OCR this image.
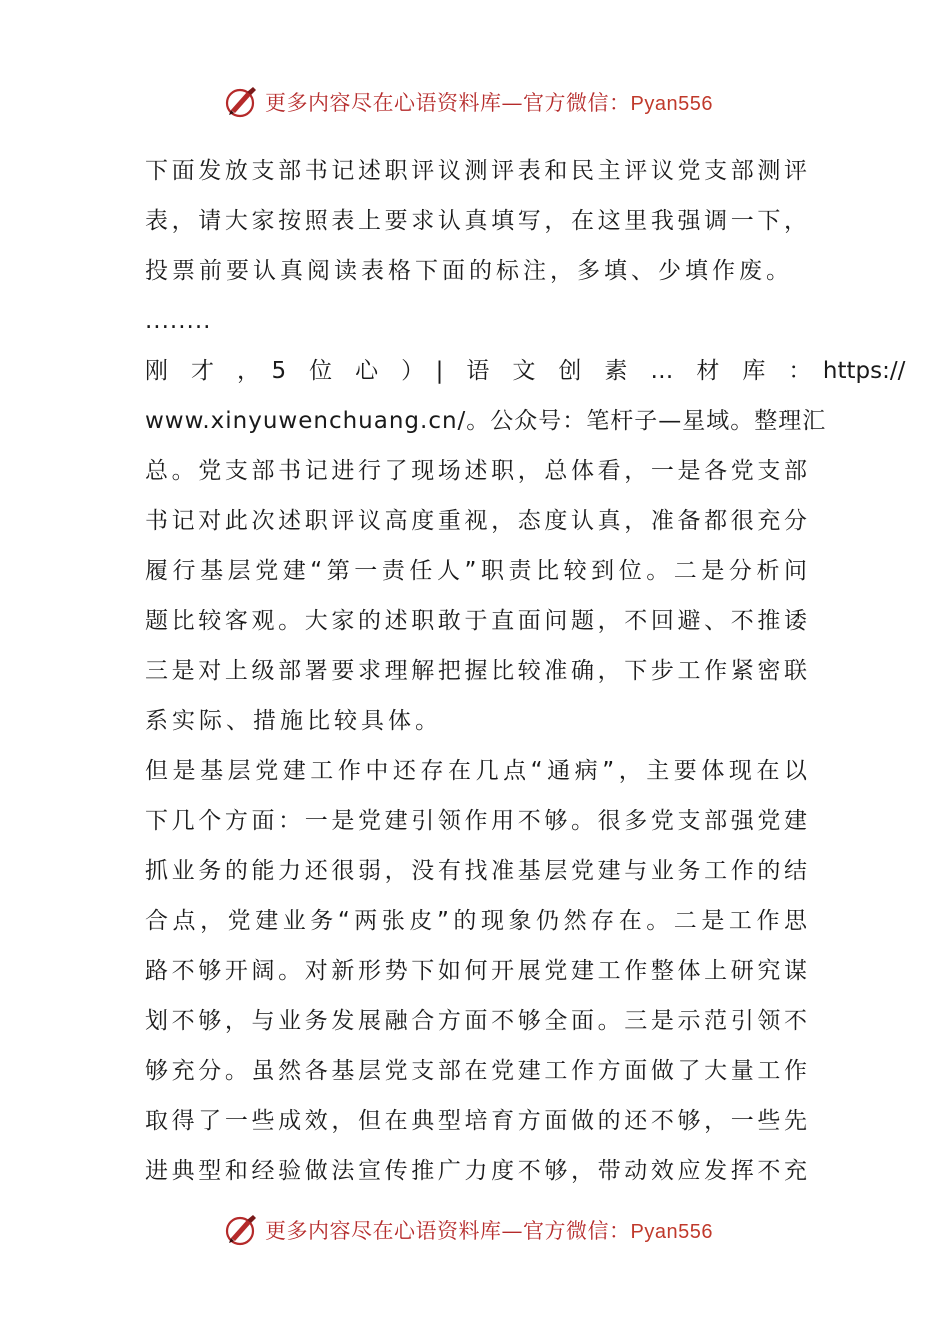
更多内容尽在心语资料库—官方微信：Pyan556
下面发放支部书记述职评议测评表和民主评议党支部测评
表，请大家按照表上要求认真填写，在这里我强调一下，
投票前要认真阅读表格下面的标注，多填、少填作废。
........
刚　才　，　5　位　心　）　|　语　文　创　素　…　材　库　：　https://
www.xinyuwenchuang.cn/。公众号：笔杆子—星域。整理汇
总。党支部书记进行了现场述职，总体看，一是各党支部
书记对此次述职评议高度重视，态度认真，准备都很充分
履行基层党建“第一责任人”职责比较到位。二是分析问
题比较客观。大家的述职敢于直面问题，不回避、不推诿
三是对上级部署要求理解把握比较准确，下步工作紧密联
系实际、措施比较具体。
但是基层党建工作中还存在几点“通病”，主要体现在以
下几个方面：一是党建引领作用不够。很多党支部强党建
抓业务的能力还很弱，没有找准基层党建与业务工作的结
合点，党建业务“两张皮”的现象仍然存在。二是工作思
路不够开阔。对新形势下如何开展党建工作整体上研究谋
划不够，与业务发展融合方面不够全面。三是示范引领不
够充分。虽然各基层党支部在党建工作方面做了大量工作
取得了一些成效，但在典型培育方面做的还不够，一些先
进典型和经验做法宣传推广力度不够，带动效应发挥不充
更多内容尽在心语资料库—官方微信：Pyan556
